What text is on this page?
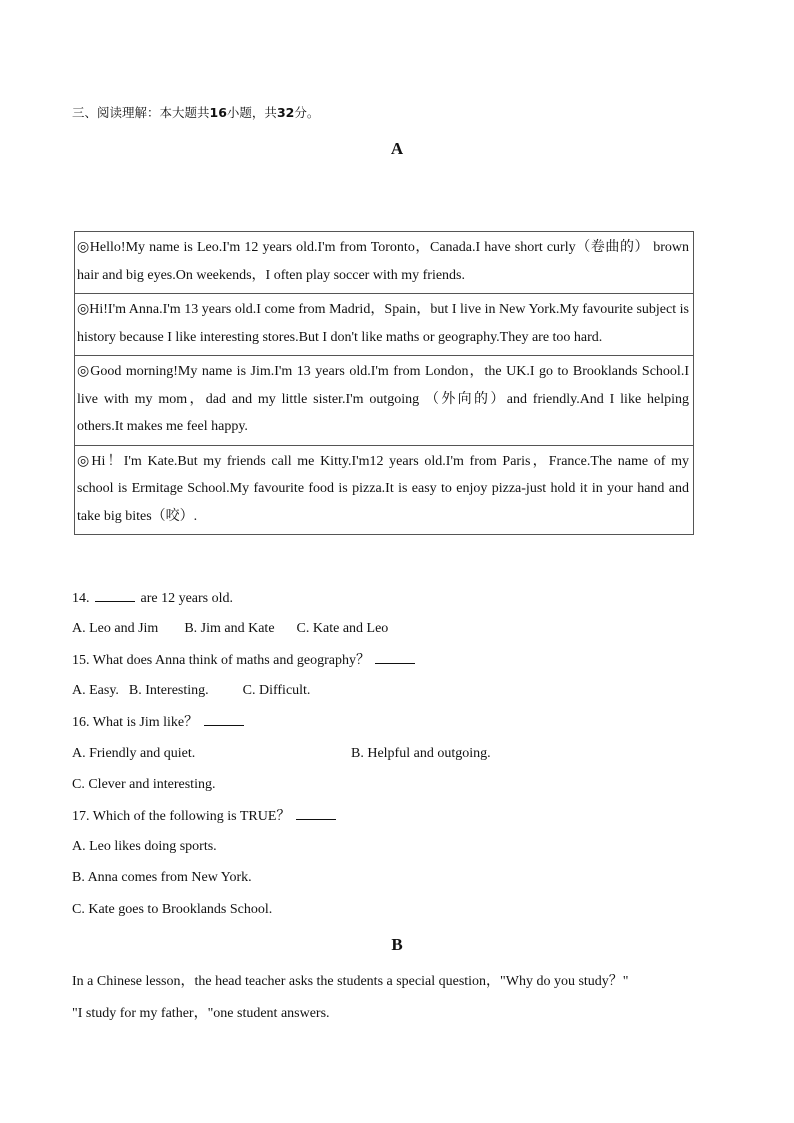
三、阅读理解：本大题共16小题，共32分。
A
◎Hello!My name is Leo.I'm 12 years old.I'm from Toronto，Canada.I have short curly（卷曲的） brown hair and big eyes.On weekends，I often play soccer with my friends.
◎Hi!I'm Anna.I'm 13 years old.I come from Madrid，Spain，but I live in New York.My favourite subject is history because I like interesting stores.But I don't like maths or geography.They are too hard.
◎Good morning!My name is Jim.I'm 13 years old.I'm from London，the UK.I go to Brooklands School.I live with my mom，dad and my little sister.I'm outgoing （外向的）and friendly.And I like helping others.It makes me feel happy.
◎Hi！I'm Kate.But my friends call me Kitty.I'm12 years old.I'm from Paris，France.The name of my school is Ermitage School.My favourite food is pizza.It is easy to enjoy pizza-just hold it in your hand and take big bites（咬）.
14.	are 12 years old.
A. Leo and Jim B. Jim and Kate C. Kate and Leo
15. What does Anna think of maths and geography？
A. Easy. B. Interesting. C. Difficult.
16. What is Jim like？
A. Friendly and quiet.	B. Helpful and outgoing.
C. Clever and interesting.
17. Which of the following is TRUE？
A. Leo likes doing sports.
B. Anna comes from New York.
C. Kate goes to Brooklands School.
B
In a Chinese lesson，the head teacher asks the students a special question，"Why do you study？"
"I study for my father，"one student answers.
